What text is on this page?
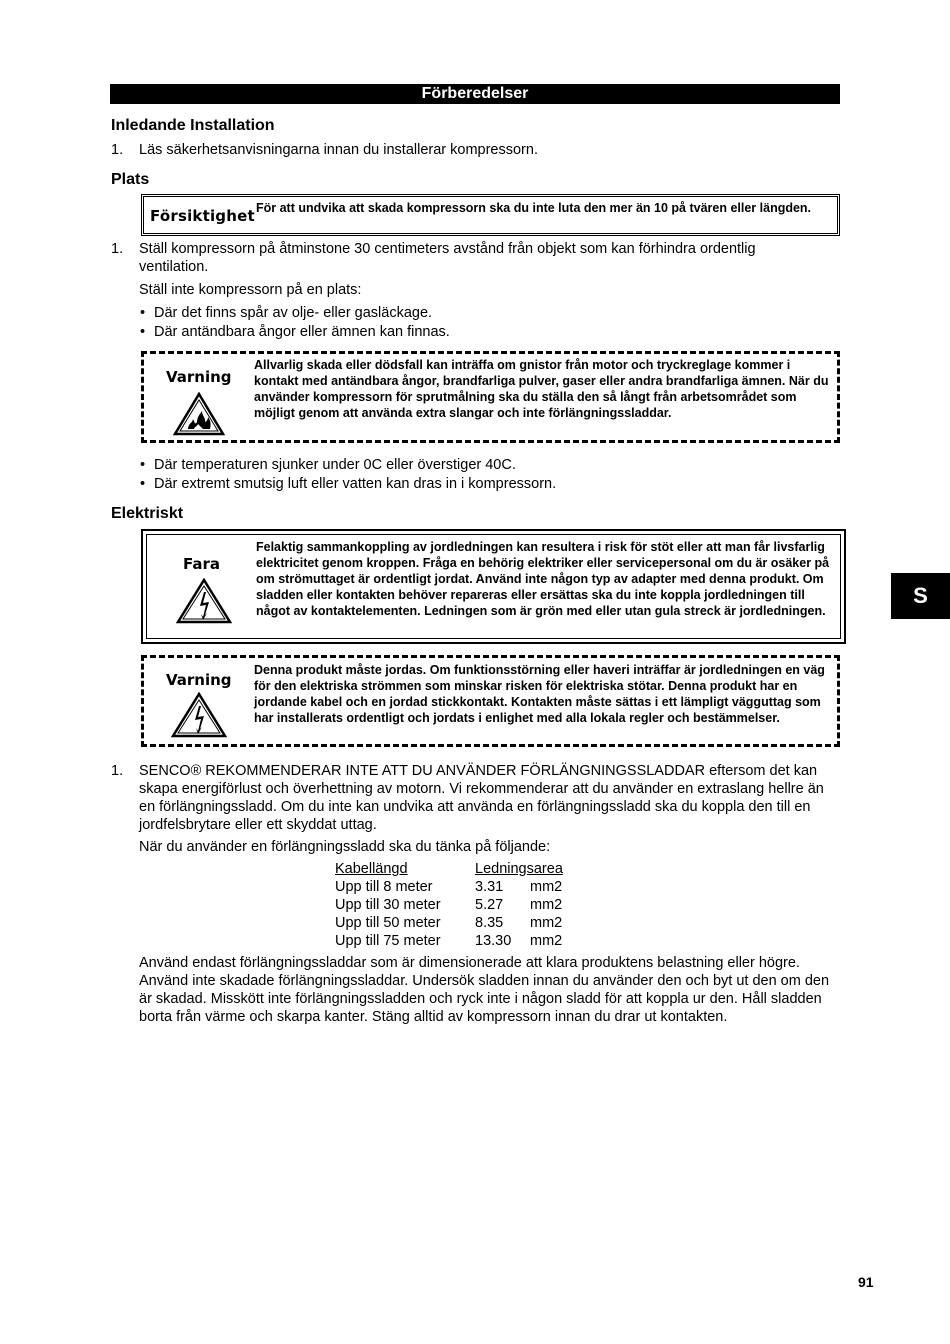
Förberedelser
Inledande Installation
1. Läs säkerhetsanvisningarna innan du installerar kompressorn.
Plats
Försiktighet För att undvika att skada kompressorn ska du inte luta den mer än 10 på tvären eller längden.
1. Ställ kompressorn på åtminstone 30 centimeters avstånd från objekt som kan förhindra ordentlig
ventilation.
Ställ inte kompressorn på en plats:
• Där det finns spår av olje- eller gasläckage.
• Där antändbara ångor eller ämnen kan finnas.
Varning
Allvarlig skada eller dödsfall kan inträffa om gnistor från motor och tryckreglage kommer i kontakt med antändbara ångor, brandfarliga pulver, gaser eller andra brandfarliga ämnen. När du använder kompressorn för sprutmålning ska du ställa den så långt från arbetsområdet som möjligt genom att använda extra slangar och inte förlängningssladdar.
• Där temperaturen sjunker under 0C eller överstiger 40C.
• Där extremt smutsig luft eller vatten kan dras in i kompressorn.
Elektriskt
Fara
Felaktig sammankoppling av jordledningen kan resultera i risk för stöt eller att man får livsfarlig elektricitet genom kroppen. Fråga en behörig elektriker eller servicepersonal om du är osäker på om strömuttaget är ordentligt jordat. Använd inte någon typ av adapter med denna produkt. Om sladden eller kontakten behöver repareras eller ersättas ska du inte koppla jordledningen till något av kontaktelementen. Ledningen som är grön med eller utan gula streck är jordledningen.
Varning
Denna produkt måste jordas. Om funktionsstörning eller haveri inträffar är jordledningen en väg för den elektriska strömmen som minskar risken för elektriska stötar. Denna produkt har en jordande kabel och en jordad stickkontakt. Kontakten måste sättas i ett lämpligt vägguttag som har installerats ordentligt och jordats i enlighet med alla lokala regler och bestämmelser.
1. SENCO® REKOMMENDERAR INTE ATT DU ANVÄNDER FÖRLÄNGNINGSSLADDAR eftersom det kan skapa energiförlust och överhettning av motorn. Vi rekommenderar att du använder en extraslang hellre än en förlängningssladd. Om du inte kan undvika att använda en förlängningssladd ska du koppla den till en jordfelsbrytare eller ett skyddat uttag.
När du använder en förlängningssladd ska du tänka på följande:
Kabellängd	Ledningsarea	
Upp till 8 meter	3.31	mm2
Upp till 30 meter	5.27	mm2
Upp till 50 meter	8.35	mm2
Upp till 75 meter	13.30	mm2
Använd endast förlängningssladdar som är dimensionerade att klara produktens belastning eller högre. Använd inte skadade förlängningssladdar. Undersök sladden innan du använder den och byt ut den om den är skadad. Misskött inte förlängningssladden och ryck inte i någon sladd för att koppla ur den. Håll sladden borta från värme och skarpa kanter. Stäng alltid av kompressorn innan du drar ut kontakten.
S
91
